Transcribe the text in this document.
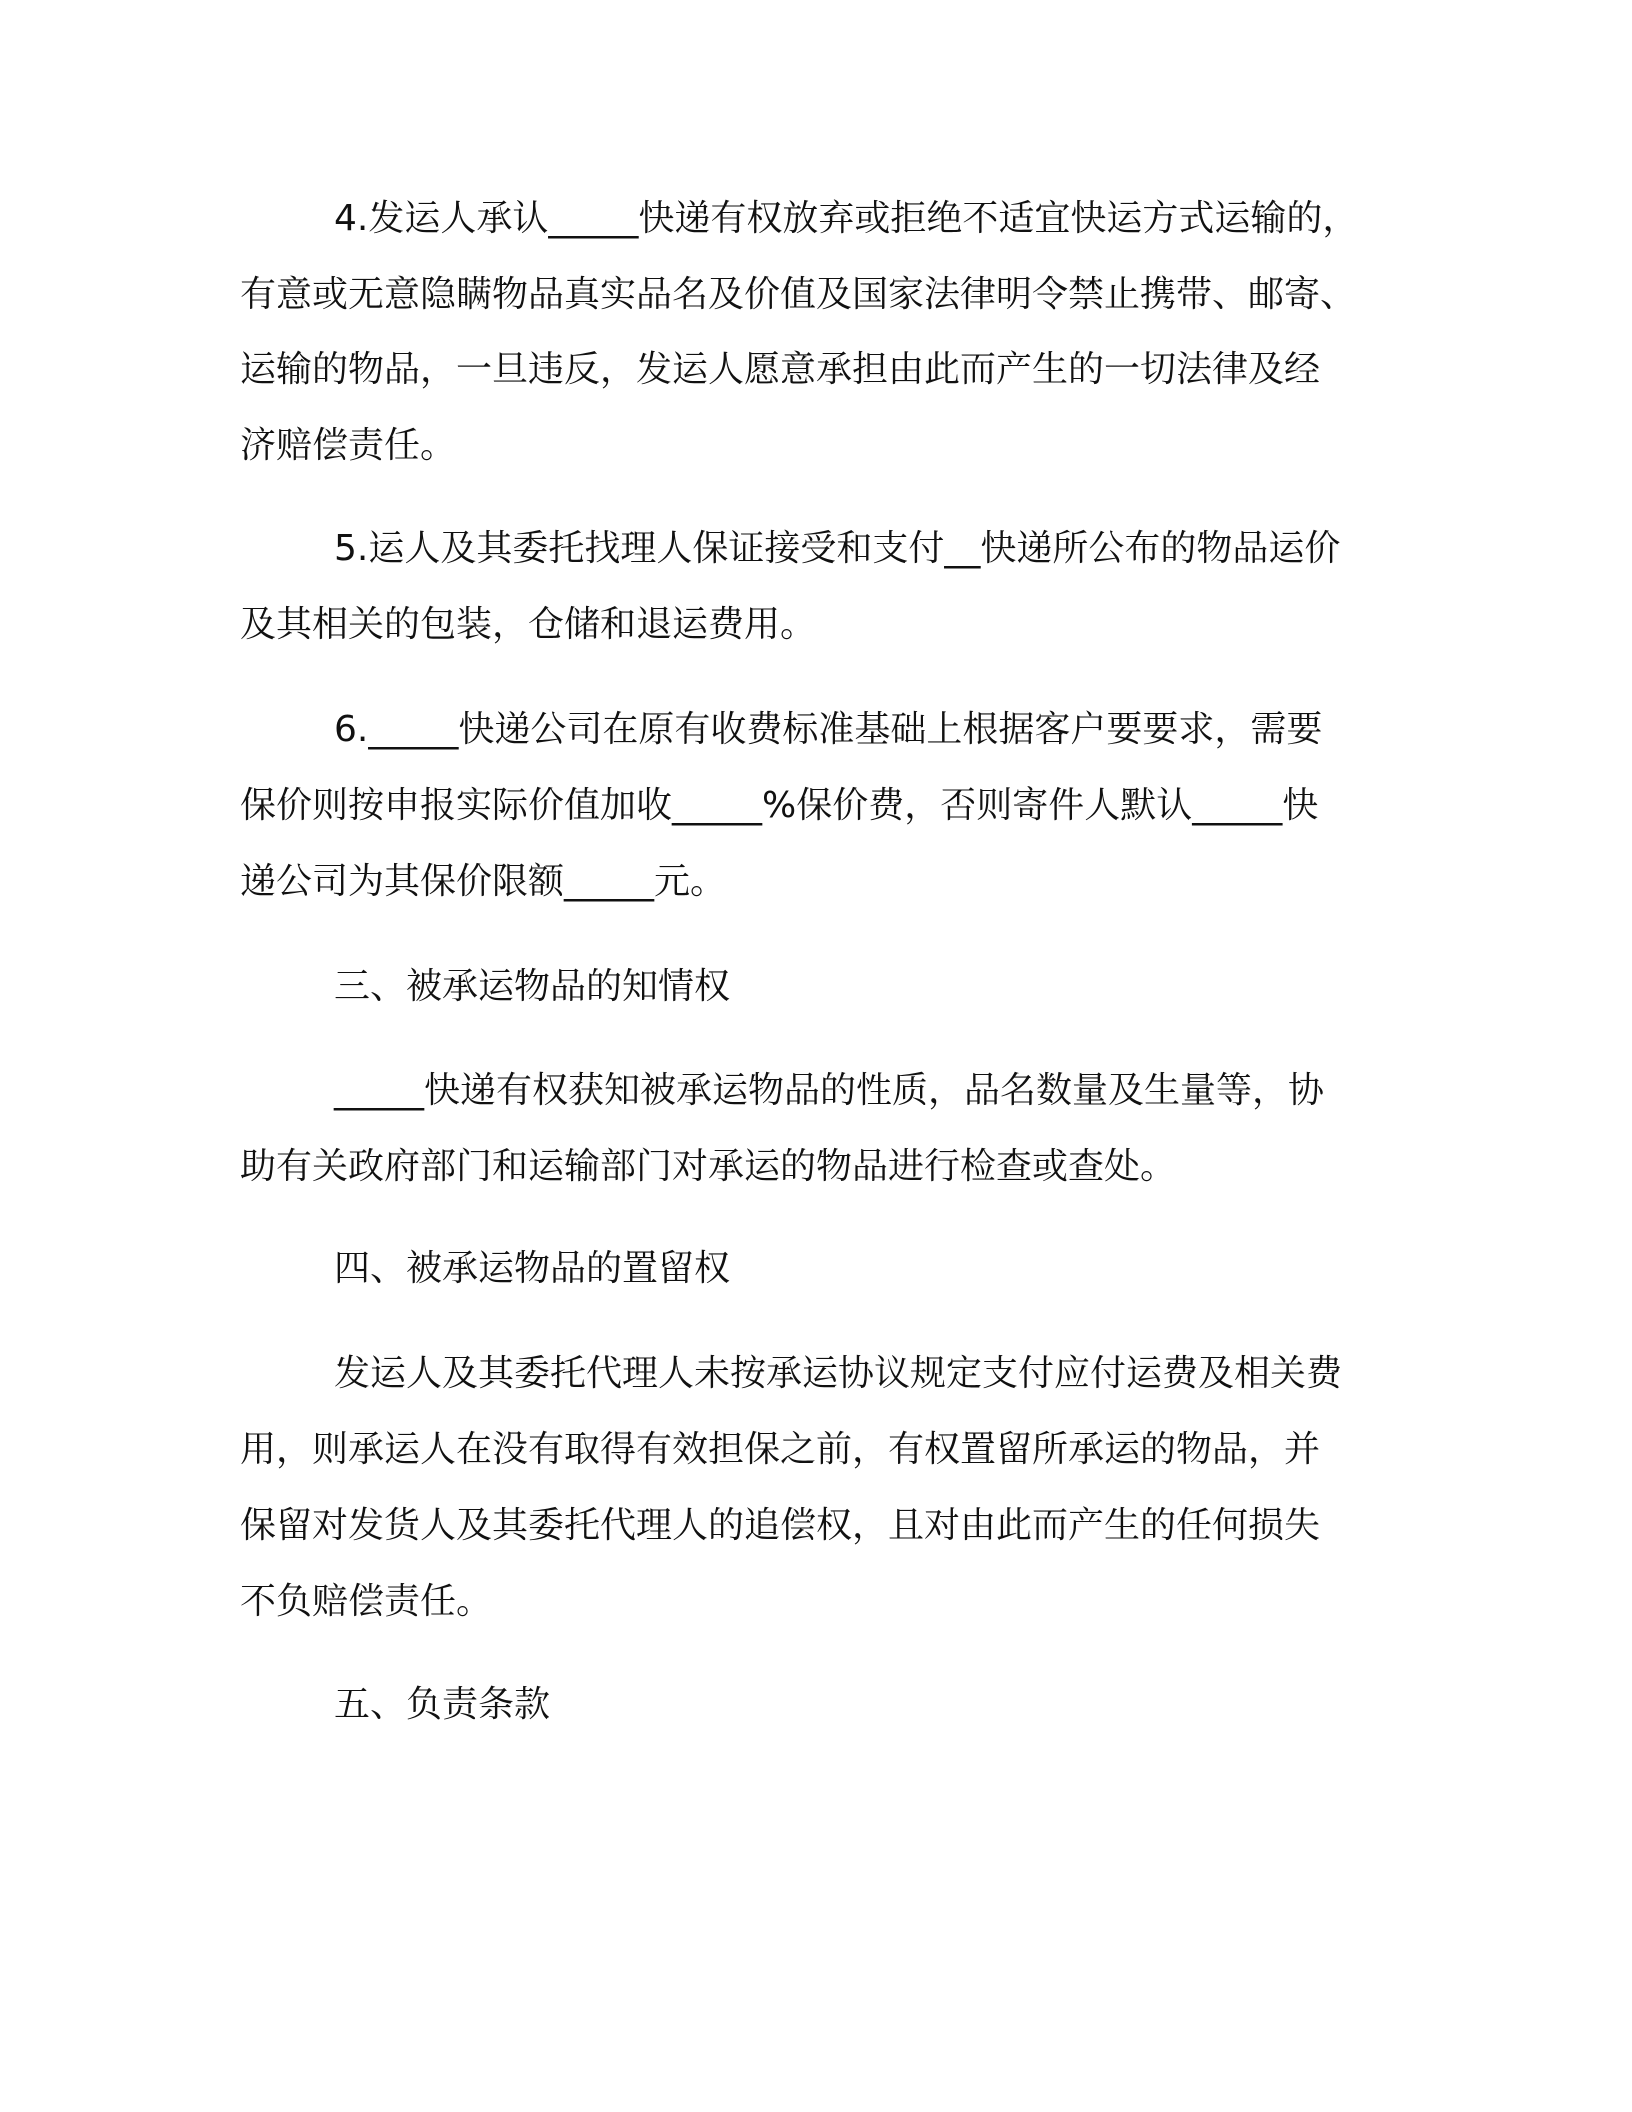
4.发运人承认_____快递有权放弃或拒绝不适宜快运方式运输的，
有意或无意隐瞒物品真实品名及价值及国家法律明令禁止携带、邮寄、
运输的物品，一旦违反，发运人愿意承担由此而产生的一切法律及经
济赔偿责任。
5.运人及其委托找理人保证接受和支付__快递所公布的物品运价
及其相关的包装，仓储和退运费用。
6._____快递公司在原有收费标准基础上根据客户要要求，需要
保价则按申报实际价值加收_____%保价费，否则寄件人默认_____快
递公司为其保价限额_____元。
三、被承运物品的知情权
_____快递有权获知被承运物品的性质，品名数量及生量等，协
助有关政府部门和运输部门对承运的物品进行检查或查处。
四、被承运物品的置留权
发运人及其委托代理人未按承运协议规定支付应付运费及相关费
用，则承运人在没有取得有效担保之前，有权置留所承运的物品，并
保留对发货人及其委托代理人的追偿权，且对由此而产生的任何损失
不负赔偿责任。
五、负责条款
